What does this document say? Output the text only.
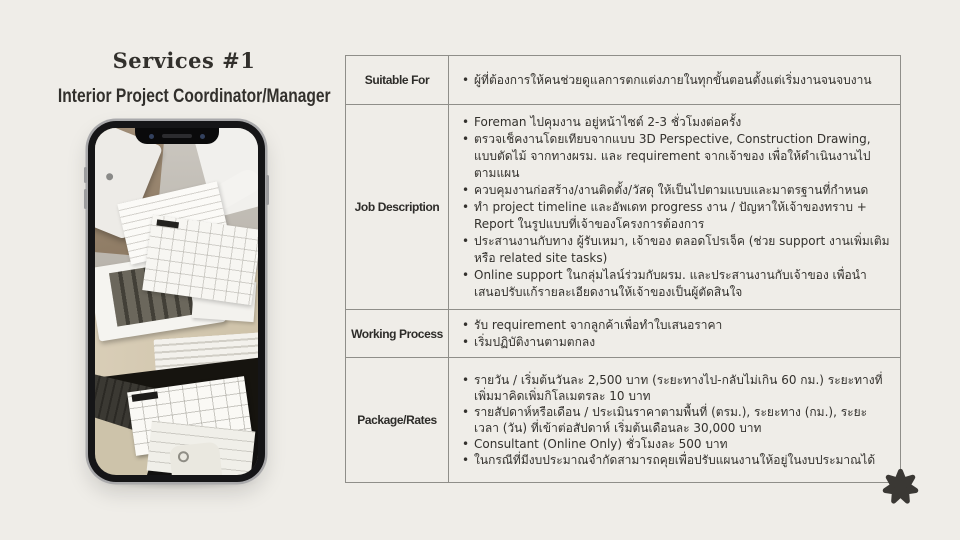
Services #1
Interior Project Coordinator/Manager
Suitable For	• ผู้ที่ต้องการให้คนช่วยดูแลการตกแต่งภายในทุกขั้นตอนตั้งแต่เริ่มงานจนจบงาน
Job Description
• Foreman ไปคุมงาน อยู่หน้าไซต์ 2-3 ชั่วโมงต่อครั้ง
• ตรวจเช็คงานโดยเทียบจากแบบ 3D Perspective, Construction Drawing, แบบตัดไม้ จากทางผรม. และ requirement จากเจ้าของ เพื่อให้ดำเนินงานไปตามแผน
• ควบคุมงานก่อสร้าง/งานติดตั้ง/วัสดุ ให้เป็นไปตามแบบและมาตรฐานที่กำหนด
• ทำ project timeline และอัพเดท progress งาน / ปัญหาให้เจ้าของทราบ + Report ในรูปแบบที่เจ้าของโครงการต้องการ
• ประสานงานกับทาง ผู้รับเหมา, เจ้าของ ตลอดโปรเจ็ค (ช่วย support งานเพิ่มเติม หรือ related site tasks)
• Online support ในกลุ่มไลน์ร่วมกับผรม. และประสานงานกับเจ้าของ เพื่อนำเสนอปรับแก้รายละเอียดงานให้เจ้าของเป็นผู้ตัดสินใจ
Working Process
• รับ requirement จากลูกค้าเพื่อทำใบเสนอราคา
• เริ่มปฏิบัติงานตามตกลง
Package/Rates
• รายวัน / เริ่มต้นวันละ 2,500 บาท (ระยะทางไป-กลับไม่เกิน 60 กม.) ระยะทางที่เพิ่มมาคิดเพิ่มกิโลเมตรละ 10 บาท
• รายสัปดาห์หรือเดือน / ประเมินราคาตามพื้นที่ (ตรม.), ระยะทาง (กม.), ระยะเวลา (วัน) ที่เข้าต่อสัปดาห์ เริ่มต้นเดือนละ 30,000 บาท
• Consultant (Online Only) ชั่วโมงละ 500 บาท
• ในกรณีที่มีงบประมาณจำกัดสามารถคุยเพื่อปรับแผนงานให้อยู่ในงบประมาณได้
